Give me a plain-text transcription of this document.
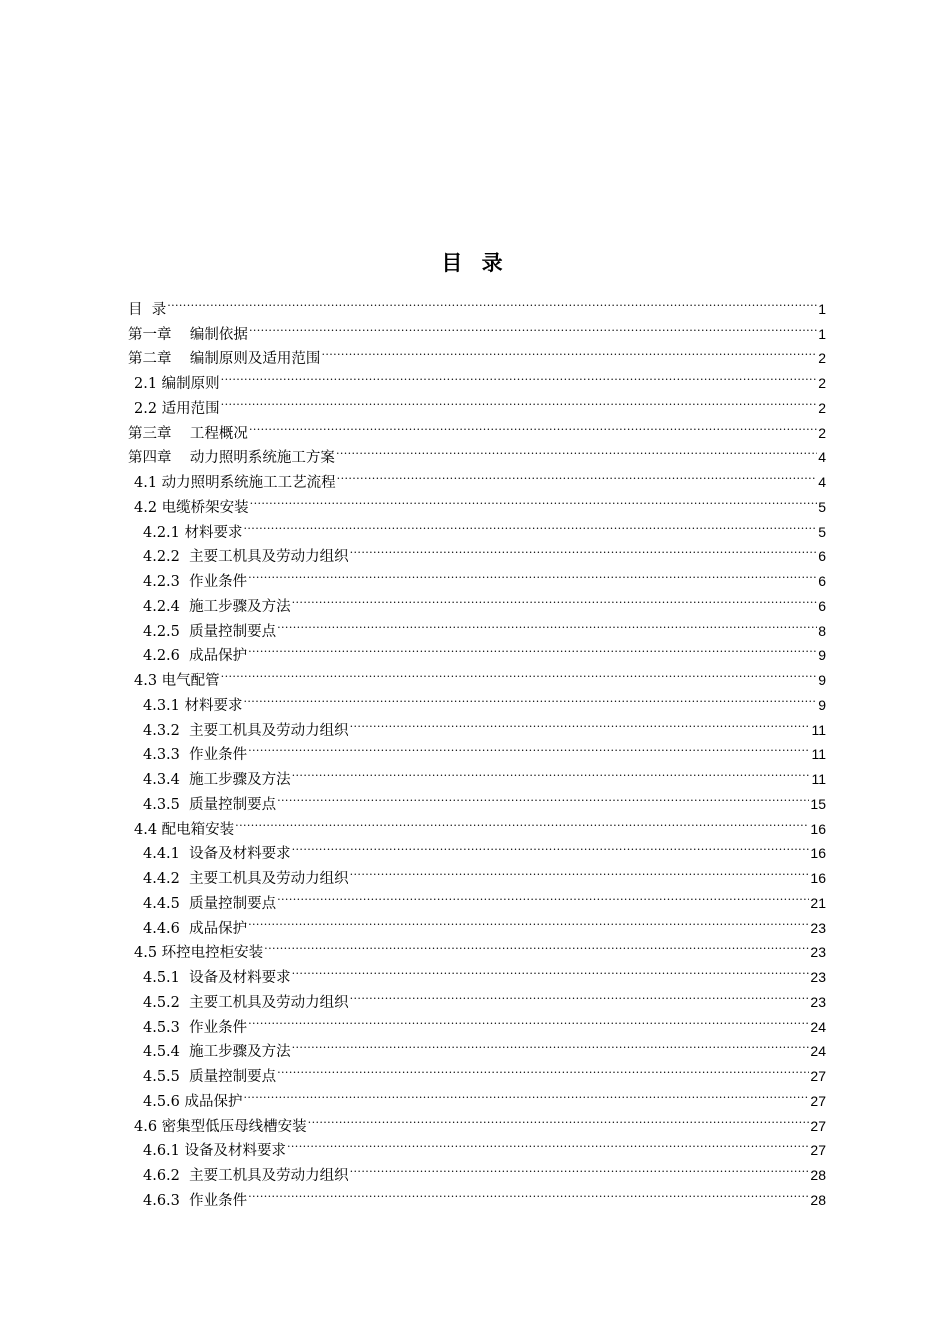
目 录
目  录 .....	1
第一章    编制依据 .....	1
第二章    编制原则及适用范围 .....	2
2.1 编制原则 .....	2
2.2 适用范围 .....	2
第三章    工程概况 .....	2
第四章    动力照明系统施工方案 .....	4
4.1 动力照明系统施工工艺流程 .....	4
4.2 电缆桥架安装 .....	5
4.2.1 材料要求 .....	5
4.2.2  主要工机具及劳动力组织 .....	6
4.2.3  作业条件 .....	6
4.2.4  施工步骤及方法 .....	6
4.2.5  质量控制要点 .....	8
4.2.6  成品保护 .....	9
4.3 电气配管 .....	9
4.3.1 材料要求 .....	9
4.3.2  主要工机具及劳动力组织 .....	11
4.3.3  作业条件 .....	11
4.3.4  施工步骤及方法 .....	11
4.3.5  质量控制要点 .....	15
4.4 配电箱安装 .....	16
4.4.1  设备及材料要求 .....	16
4.4.2  主要工机具及劳动力组织 .....	16
4.4.5  质量控制要点 .....	21
4.4.6  成品保护 .....	23
4.5 环控电控柜安装 .....	23
4.5.1  设备及材料要求 .....	23
4.5.2  主要工机具及劳动力组织 .....	23
4.5.3  作业条件 .....	24
4.5.4  施工步骤及方法 .....	24
4.5.5  质量控制要点 .....	27
4.5.6 成品保护 .....	27
4.6 密集型低压母线槽安装 .....	27
4.6.1 设备及材料要求 .....	27
4.6.2  主要工机具及劳动力组织 .....	28
4.6.3  作业条件 .....	28
